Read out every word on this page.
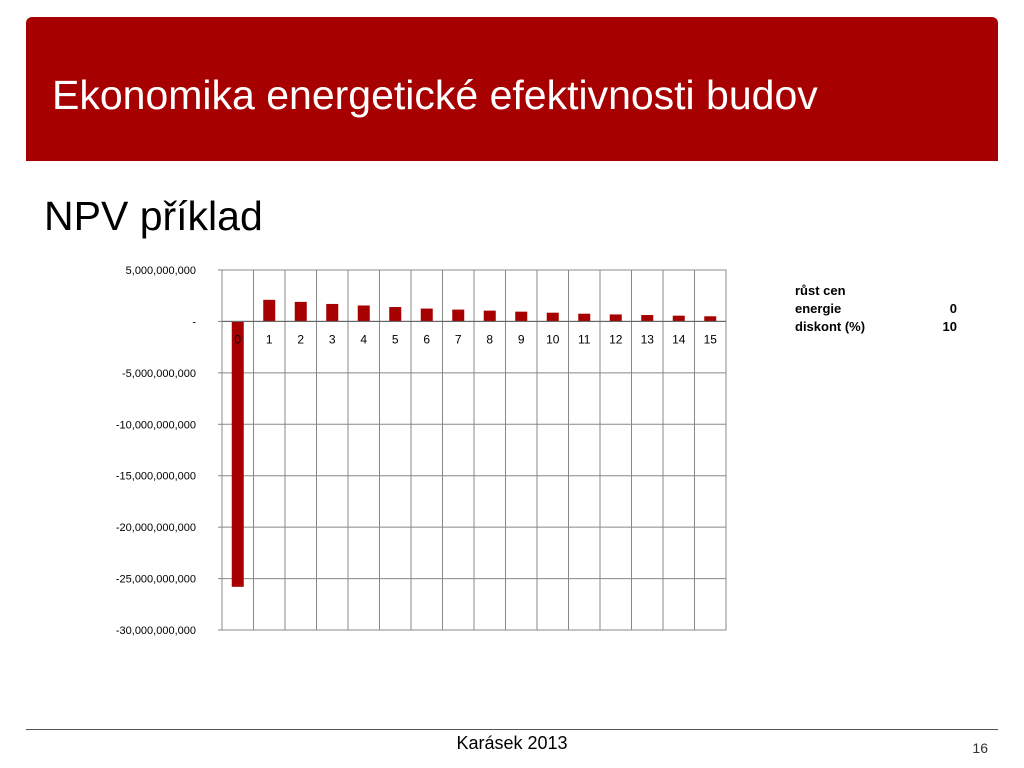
Ekonomika energetické efektivnosti budov
NPV příklad
5,000,000,000
-
-5,000,000,000
-10,000,000,000
-15,000,000,000
-20,000,000,000
-25,000,000,000
-30,000,000,000
0 1 2 3 4 5 6 7 8 9 10 11 12 13 14 15
růst cen
energie	0
diskont (%)	10
Karásek 2013	16
